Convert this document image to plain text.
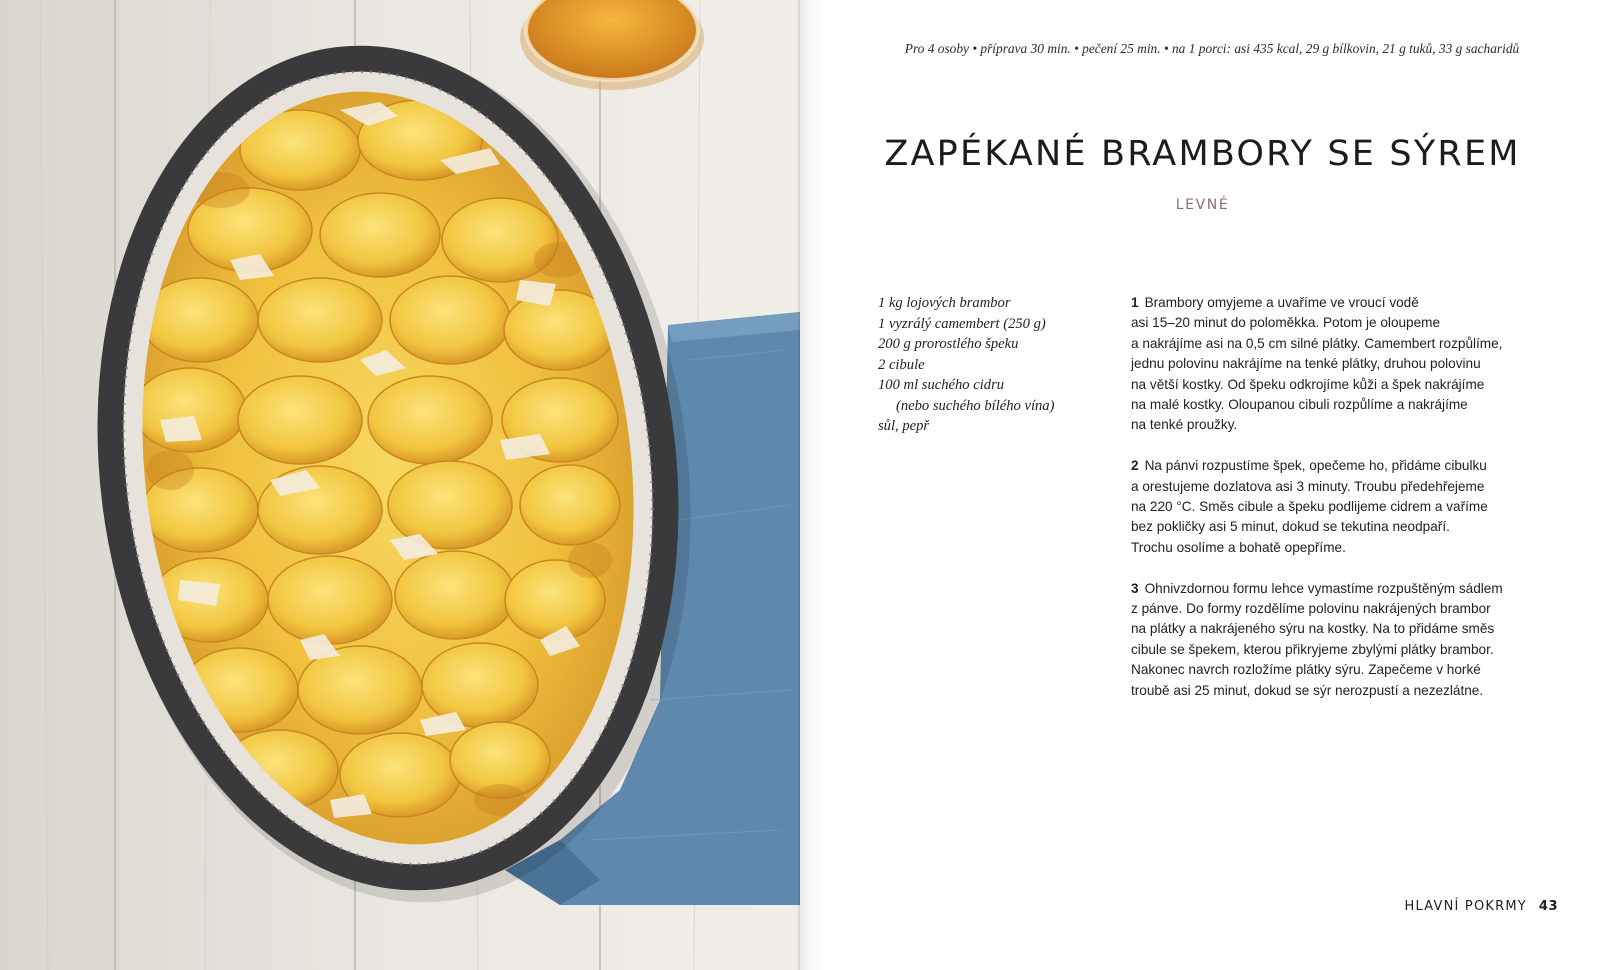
Pro 4 osoby • příprava 30 min. • pečení 25 min. • na 1 porci: asi 435 kcal, 29 g bílkovin, 21 g tuků, 33 g sacharidů
ZAPÉKANÉ BRAMBORY SE SÝREM
LEVNÉ
1 kg lojových brambor
1 vyzrálý camembert (250 g)
200 g prorostlého špeku
2 cibule
100 ml suchého cidru
(nebo suchého bílého vína)
sůl, pepř

1 Brambory omyjeme a uvaříme ve vroucí vodě
asi 15–20 minut do poloměkka. Potom je oloupeme
a nakrájíme asi na 0,5 cm silné plátky. Camembert rozpůlíme,
jednu polovinu nakrájíme na tenké plátky, druhou polovinu
na větší kostky. Od špeku odkrojíme kůži a špek nakrájíme
na malé kostky. Oloupanou cibuli rozpůlíme a nakrájíme
na tenké proužky.

2 Na pánvi rozpustíme špek, opečeme ho, přidáme cibulku
a orestujeme dozlatova asi 3 minuty. Troubu předehřejeme
na 220 °C. Směs cibule a špeku podlijeme cidrem a vaříme
bez pokličky asi 5 minut, dokud se tekutina neodpaří.
Trochu osolíme a bohatě opepříme.

3 Ohnivzdornou formu lehce vymastíme rozpuštěným sádlem
z pánve. Do formy rozdělíme polovinu nakrájených brambor
na plátky a nakrájeného sýru na kostky. Na to přidáme směs
cibule se špekem, kterou přikryjeme zbylými plátky brambor.
Nakonec navrch rozložíme plátky sýru. Zapečeme v horké
troubě asi 25 minut, dokud se sýr nerozpustí a nezezlátne.

HLAVNÍ POKRMY 43
